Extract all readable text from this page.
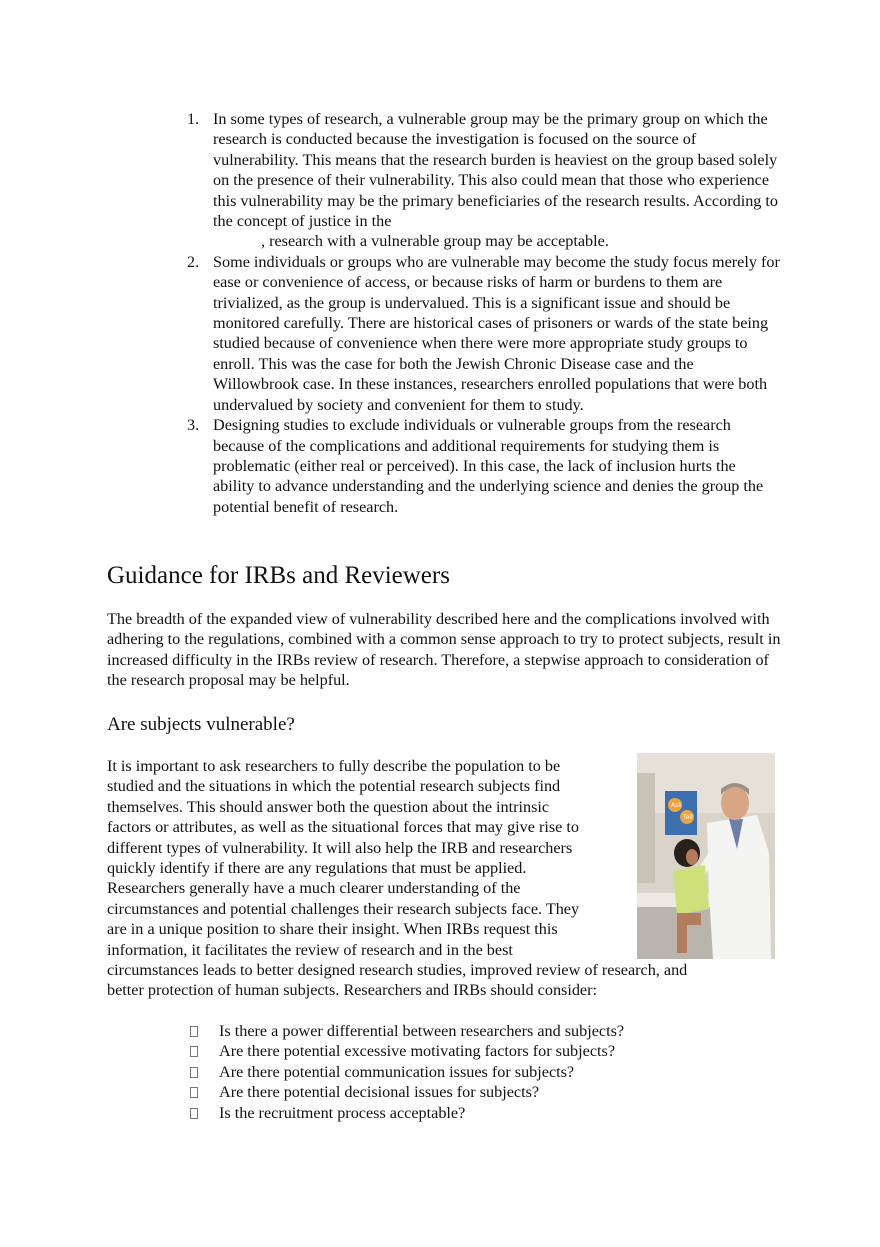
1. In some types of research, a vulnerable group may be the primary group on which the research is conducted because the investigation is focused on the source of vulnerability. This means that the research burden is heaviest on the group based solely on the presence of their vulnerability. This also could mean that those who experience this vulnerability may be the primary beneficiaries of the research results. According to the concept of justice in the
, research with a vulnerable group may be acceptable.
2. Some individuals or groups who are vulnerable may become the study focus merely for ease or convenience of access, or because risks of harm or burdens to them are trivialized, as the group is undervalued. This is a significant issue and should be monitored carefully. There are historical cases of prisoners or wards of the state being studied because of convenience when there were more appropriate study groups to enroll. This was the case for both the Jewish Chronic Disease case and the Willowbrook case. In these instances, researchers enrolled populations that were both undervalued by society and convenient for them to study.
3. Designing studies to exclude individuals or vulnerable groups from the research because of the complications and additional requirements for studying them is problematic (either real or perceived). In this case, the lack of inclusion hurts the ability to advance understanding and the underlying science and denies the group the potential benefit of research.
Guidance for IRBs and Reviewers

The breadth of the expanded view of vulnerability described here and the complications involved with adhering to the regulations, combined with a common sense approach to try to protect subjects, result in increased difficulty in the IRBs review of research. Therefore, a stepwise approach to consideration of the research proposal may be helpful.

Are subjects vulnerable?
It is important to ask researchers to fully describe the population to be
studied and the situations in which the potential research subjects find
themselves. This should answer both the question about the intrinsic
factors or attributes, as well as the situational forces that may give rise to
different types of vulnerability. It will also help the IRB and researchers
quickly identify if there are any regulations that must be applied.
Researchers generally have a much clearer understanding of the
circumstances and potential challenges their research subjects face. They
are in a unique position to share their insight. When IRBs request this
information, it facilitates the review of research and in the best
circumstances leads to better designed research studies, improved review of research, and
better protection of human subjects. Researchers and IRBs should consider:
Ask
Tell
Is there a power differential between researchers and subjects?
Are there potential excessive motivating factors for subjects?
Are there potential communication issues for subjects?
Are there potential decisional issues for subjects?
Is the recruitment process acceptable?
